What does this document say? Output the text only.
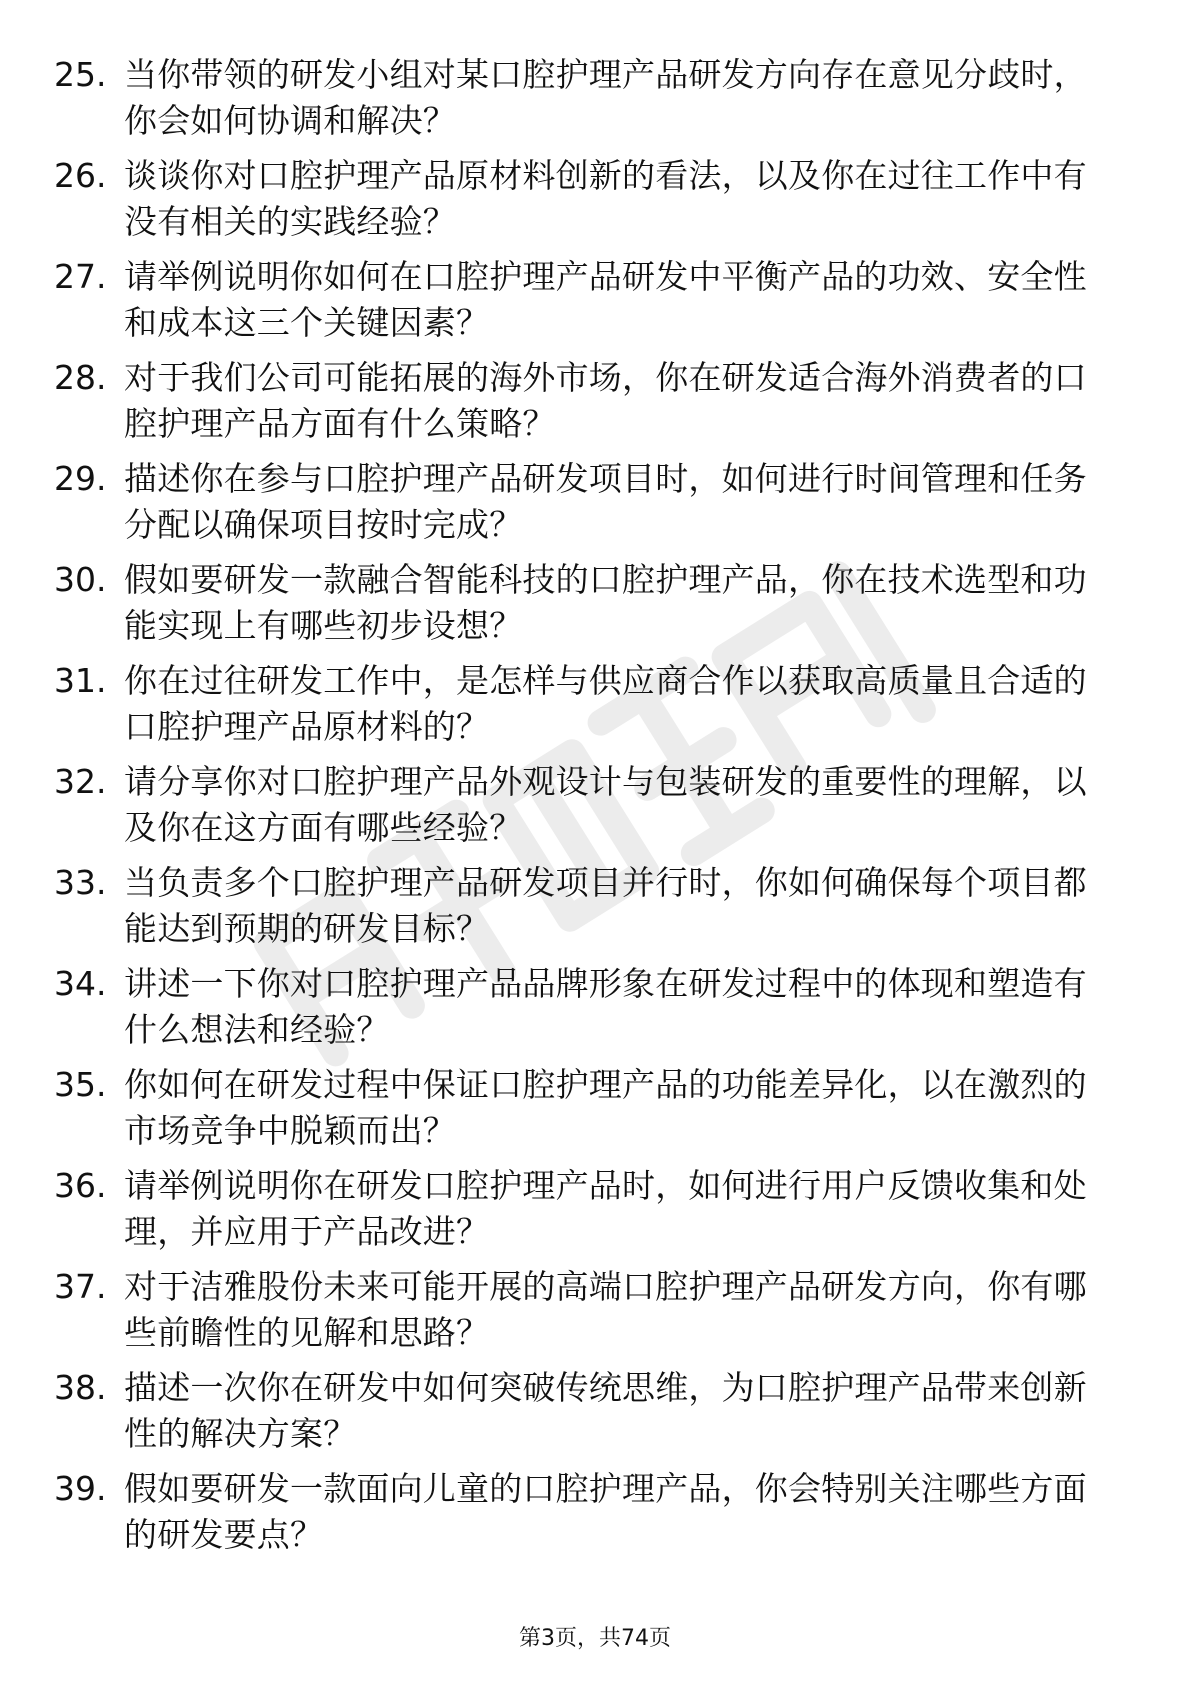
25. 当你带领的研发小组对某口腔护理产品研发方向存在意见分歧时，你会如何协调和解决？
26. 谈谈你对口腔护理产品原材料创新的看法，以及你在过往工作中有没有相关的实践经验？
27. 请举例说明你如何在口腔护理产品研发中平衡产品的功效、安全性和成本这三个关键因素？
28. 对于我们公司可能拓展的海外市场，你在研发适合海外消费者的口腔护理产品方面有什么策略？
29. 描述你在参与口腔护理产品研发项目时，如何进行时间管理和任务分配以确保项目按时完成？
30. 假如要研发一款融合智能科技的口腔护理产品，你在技术选型和功能实现上有哪些初步设想？
31. 你在过往研发工作中，是怎样与供应商合作以获取高质量且合适的口腔护理产品原材料的？
32. 请分享你对口腔护理产品外观设计与包装研发的重要性的理解，以及你在这方面有哪些经验？
33. 当负责多个口腔护理产品研发项目并行时，你如何确保每个项目都能达到预期的研发目标？
34. 讲述一下你对口腔护理产品品牌形象在研发过程中的体现和塑造有什么想法和经验？
35. 你如何在研发过程中保证口腔护理产品的功能差异化，以在激烈的市场竞争中脱颖而出？
36. 请举例说明你在研发口腔护理产品时，如何进行用户反馈收集和处理，并应用于产品改进？
37. 对于洁雅股份未来可能开展的高端口腔护理产品研发方向，你有哪些前瞻性的见解和思路？
38. 描述一次你在研发中如何突破传统思维，为口腔护理产品带来创新性的解决方案？
39. 假如要研发一款面向儿童的口腔护理产品，你会特别关注哪些方面的研发要点？
第3页，共74页
